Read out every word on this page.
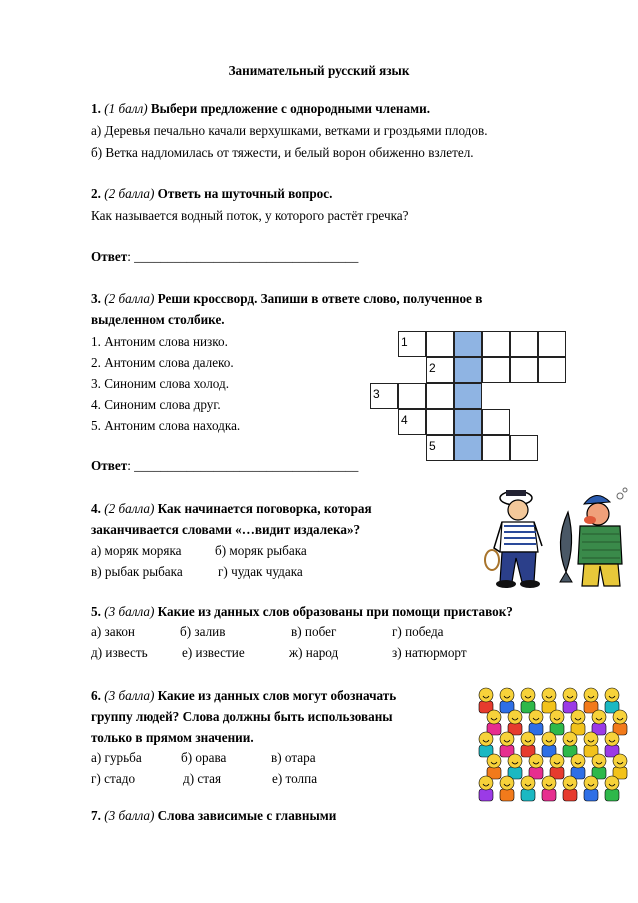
Занимательный русский язык
1. (1 балл) Выбери предложение с однородными членами.
а) Деревья печально качали верхушками, ветками и гроздьями плодов.
б) Ветка надломилась от тяжести, и белый ворон обиженно взлетел.
2. (2 балла) Ответь на шуточный вопрос.
Как называется водный поток, у которого растёт гречка?
Ответ: __________________________________
3. (2 балла) Реши кроссворд. Запиши в ответе слово, полученное в
выделенном столбике.
1. Антоним слова низко.
2. Антоним слова далеко.
3. Синоним слова холод.
4. Синоним слова друг.
5. Антоним слова находка.
Ответ: __________________________________
1
2
3
4
5
4. (2 балла) Как начинается поговорка, которая
заканчивается словами «…видит издалека»?
а) моряк моряка	б) моряк рыбака
в) рыбак рыбака	г) чудак чудака
5. (3 балла) Какие из данных слов образованы при помощи приставок?
а) закон	б) залив	в) побег	г) победа
д) известь	е) известие	ж) народ	з) натюрморт
6. (3 балла) Какие из данных слов могут обозначать
группу людей? Слова должны быть использованы
только в прямом значении.
а) гурьба	б) орава	в) отара
г) стадо	д) стая	е) толпа
7. (3 балла) Слова зависимые с главными
